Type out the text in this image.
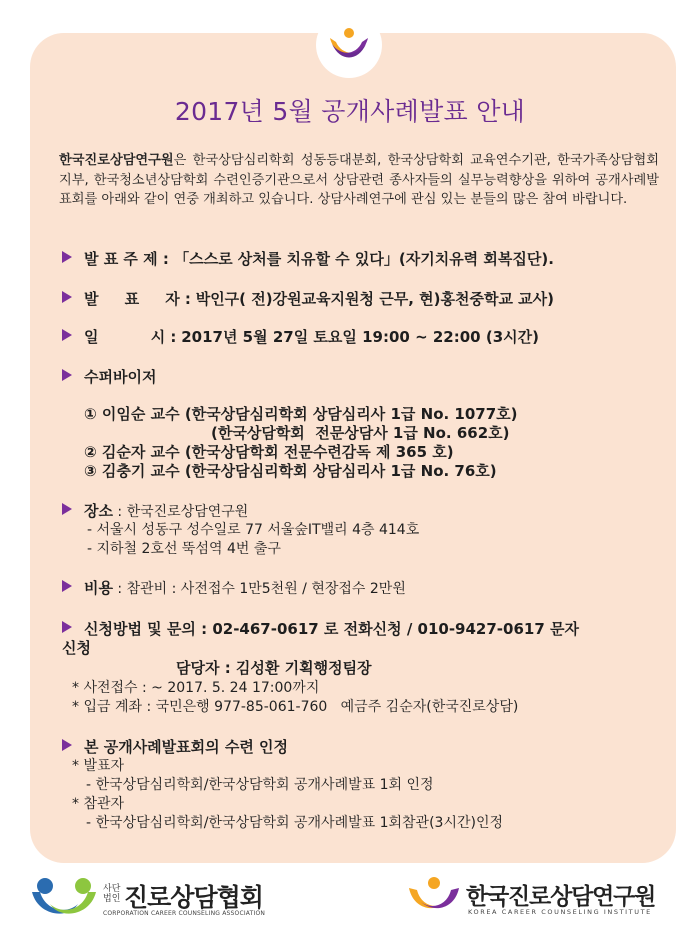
2017년 5월 공개사례발표 안내
한국진로상담연구원은 한국상담심리학회 성동등대분회, 한국상담학회 교육연수기관, 한국가족상담협회 지부, 한국청소년상담학회 수련인증기관으로서 상담관련 종사자들의 실무능력향상을 위하여 공개사례발표회를 아래와 같이 연중 개최하고 있습니다. 상담사례연구에 관심 있는 분들의 많은 참여 바랍니다.
발 표 주 제 : 「스스로 상처를 치유할 수 있다」(자기치유력 회복집단).
발     표     자 : 박인구( 전)강원교육지원청 근무, 현)홍천중학교 교사)
일          시 : 2017년 5월 27일 토요일 19:00 ~ 22:00 (3시간)
수퍼바이저
① 이임순 교수 (한국상담심리학회 상담심리사 1급 No. 1077호)
(한국상담학회  전문상담사 1급 No. 662호)
② 김순자 교수 (한국상담학회 전문수련감독 제 365 호)
③ 김충기 교수 (한국상담심리학회 상담심리사 1급 No. 76호)
장소 : 한국진로상담연구원
- 서울시 성동구 성수일로 77 서울숲IT밸리 4층 414호
- 지하철 2호선 뚝섬역 4번 출구
비용 : 참관비 : 사전접수 1만5천원 / 현장접수 2만원
신청방법 및 문의 : 02-467-0617 로 전화신청 / 010-9427-0617 문자
신청
담당자 : 김성환 기획행정팀장
* 사전접수 : ~ 2017. 5. 24 17:00까지
* 입금 계좌 : 국민은행 977-85-061-760   예금주 김순자(한국진로상담)
본 공개사례발표회의 수련 인정
* 발표자
- 한국상담심리학회/한국상담학회 공개사례발표 1회 인정
* 참관자
- 한국상담심리학회/한국상담학회 공개사례발표 1회참관(3시간)인정
사단
법인 진로상담협회
CORPORATION CAREER COUNSELING ASSOCIATION
한국진로상담연구원
KOREA CAREER COUNSELING INSTITUTE
